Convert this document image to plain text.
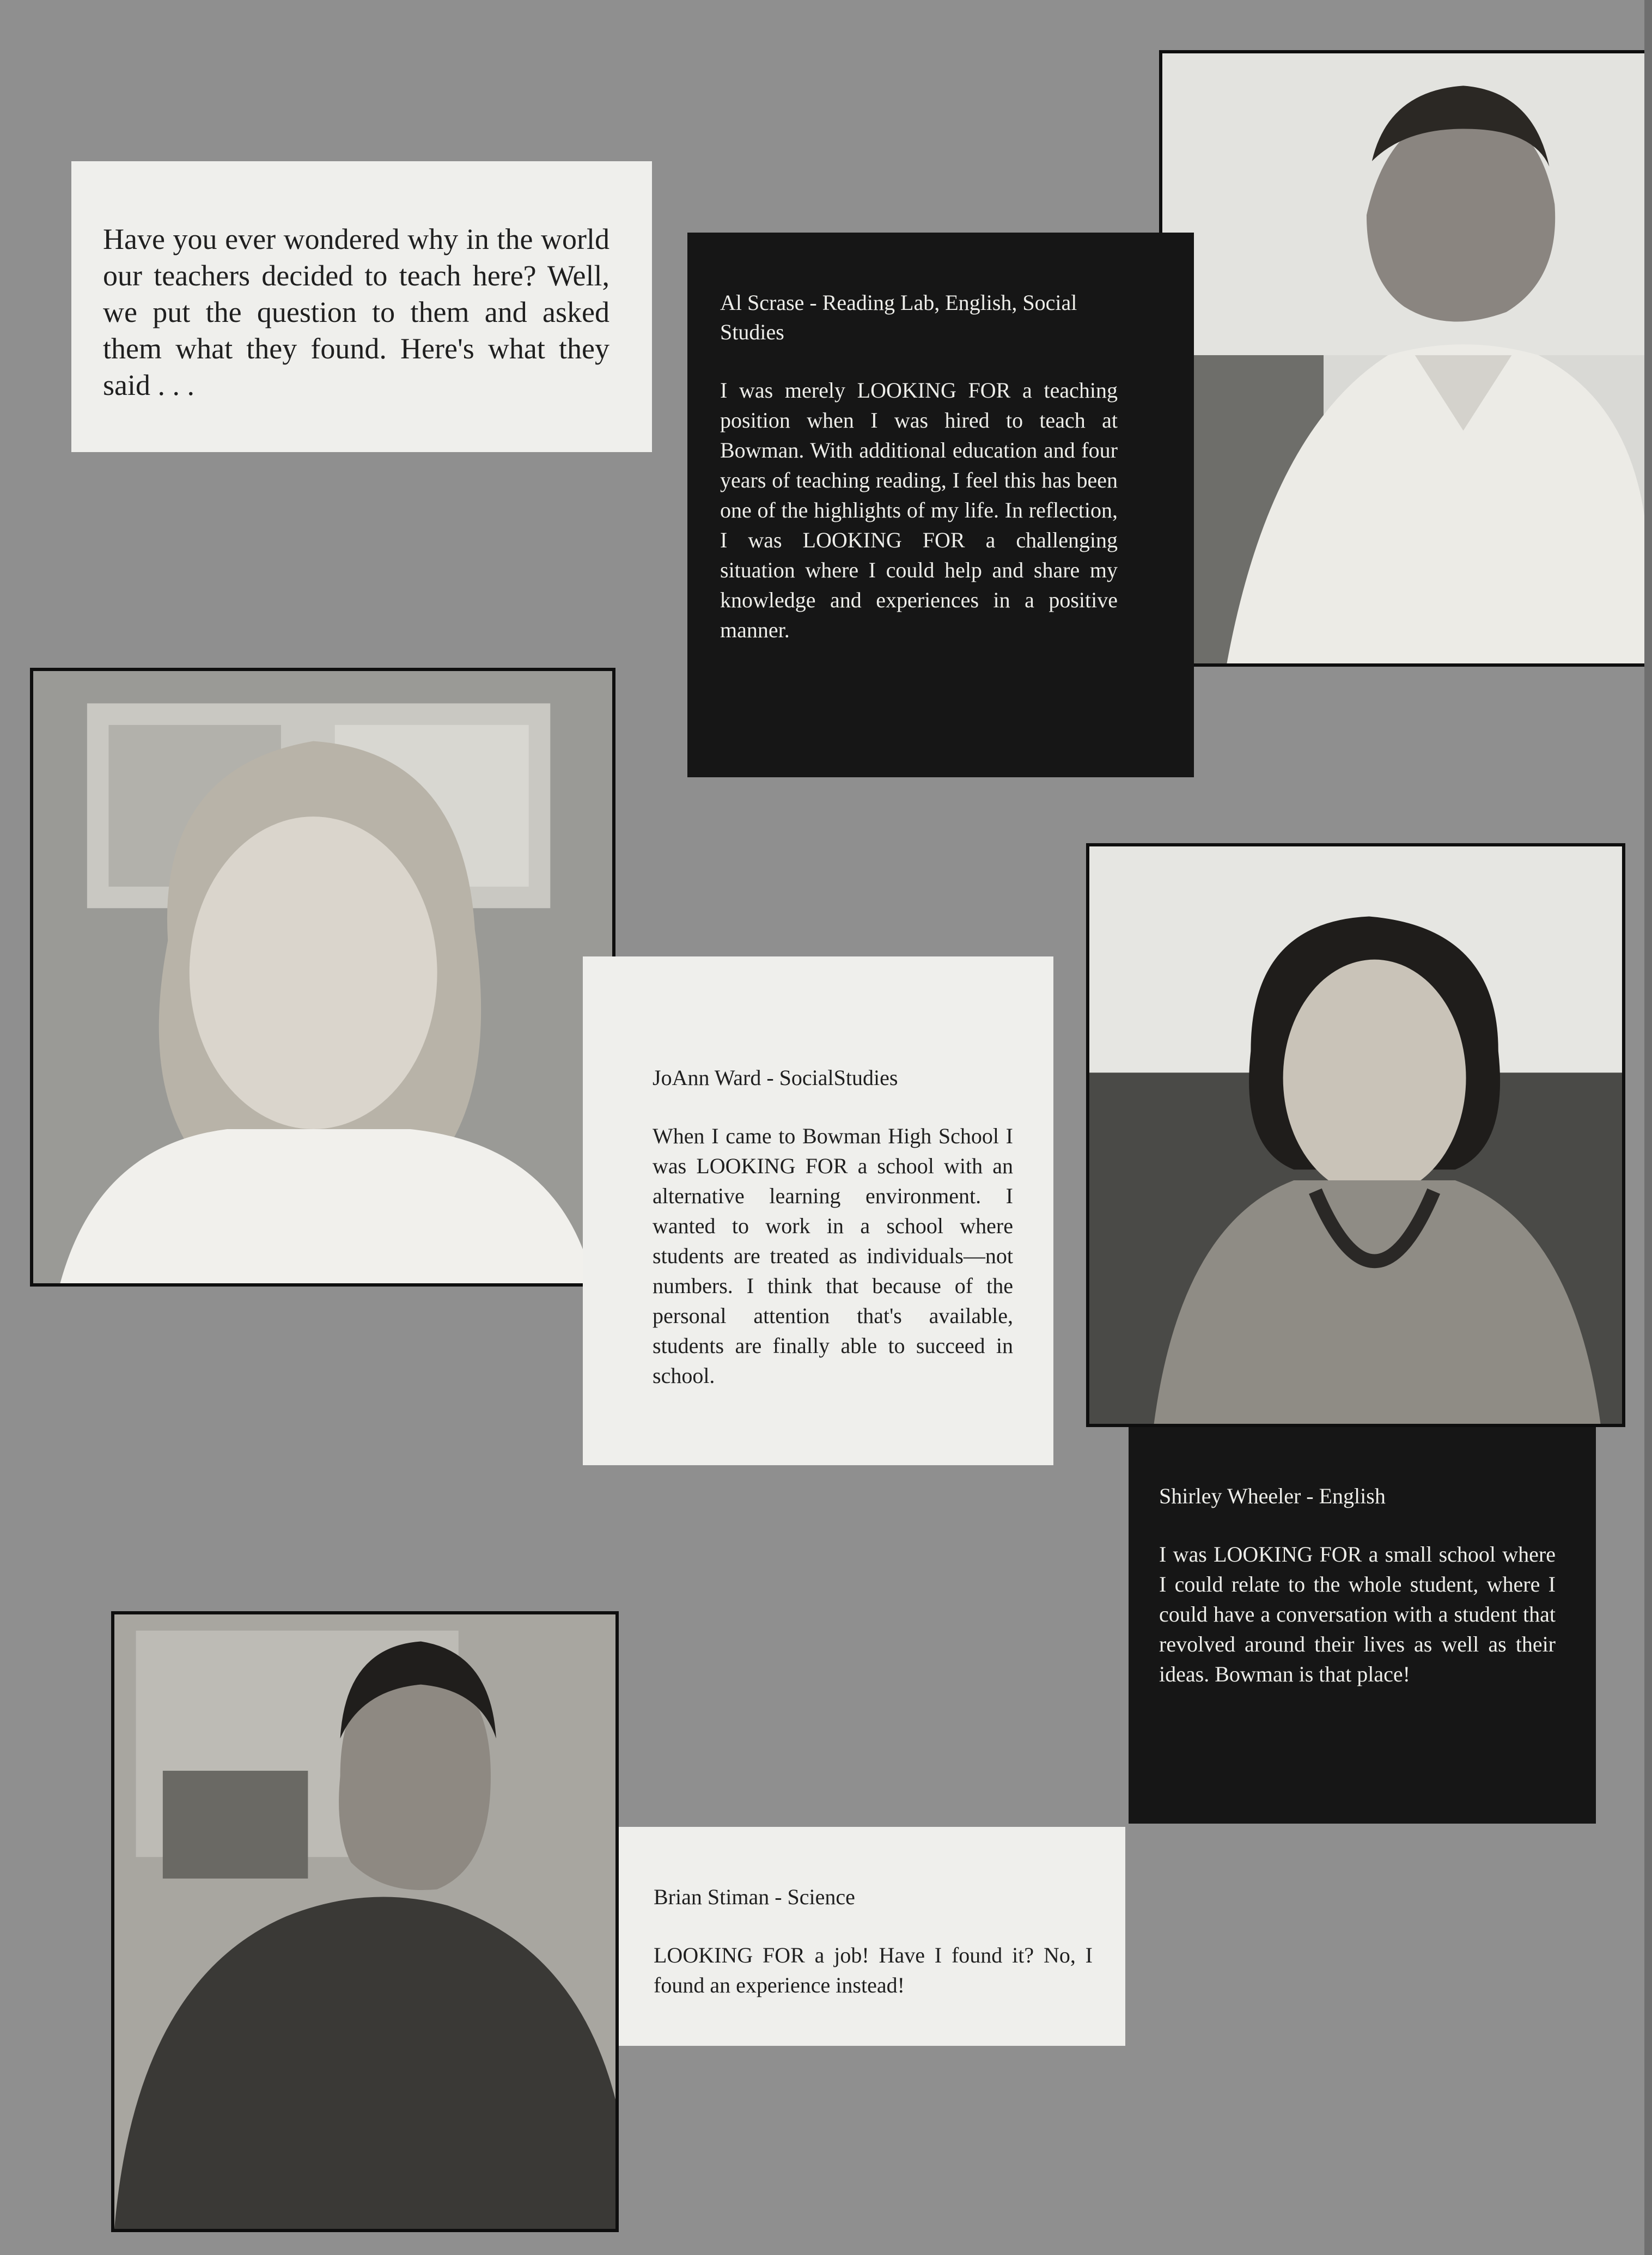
Have you ever wondered why in the world our teachers decided to teach here? Well, we put the question to them and asked them what they found. Here's what they said . . .

Al Scrase - Reading Lab, English, Social Studies

I was merely LOOKING FOR a teaching position when I was hired to teach at Bowman. With additional education and four years of teaching reading, I feel this has been one of the highlights of my life. In reflection, I was LOOKING FOR a challenging situation where I could help and share my knowledge and experiences in a positive manner.

JoAnn Ward - SocialStudies

When I came to Bowman High School I was LOOKING FOR a school with an alternative learning environment. I wanted to work in a school where students are treated as individuals—not numbers. I think that because of the personal attention that's available, students are finally able to succeed in school.

Shirley Wheeler - English

I was LOOKING FOR a small school where I could relate to the whole student, where I could have a conversation with a student that revolved around their lives as well as their ideas. Bowman is that place!

Brian Stiman - Science

LOOKING FOR a job! Have I found it? No, I found an experience instead!
